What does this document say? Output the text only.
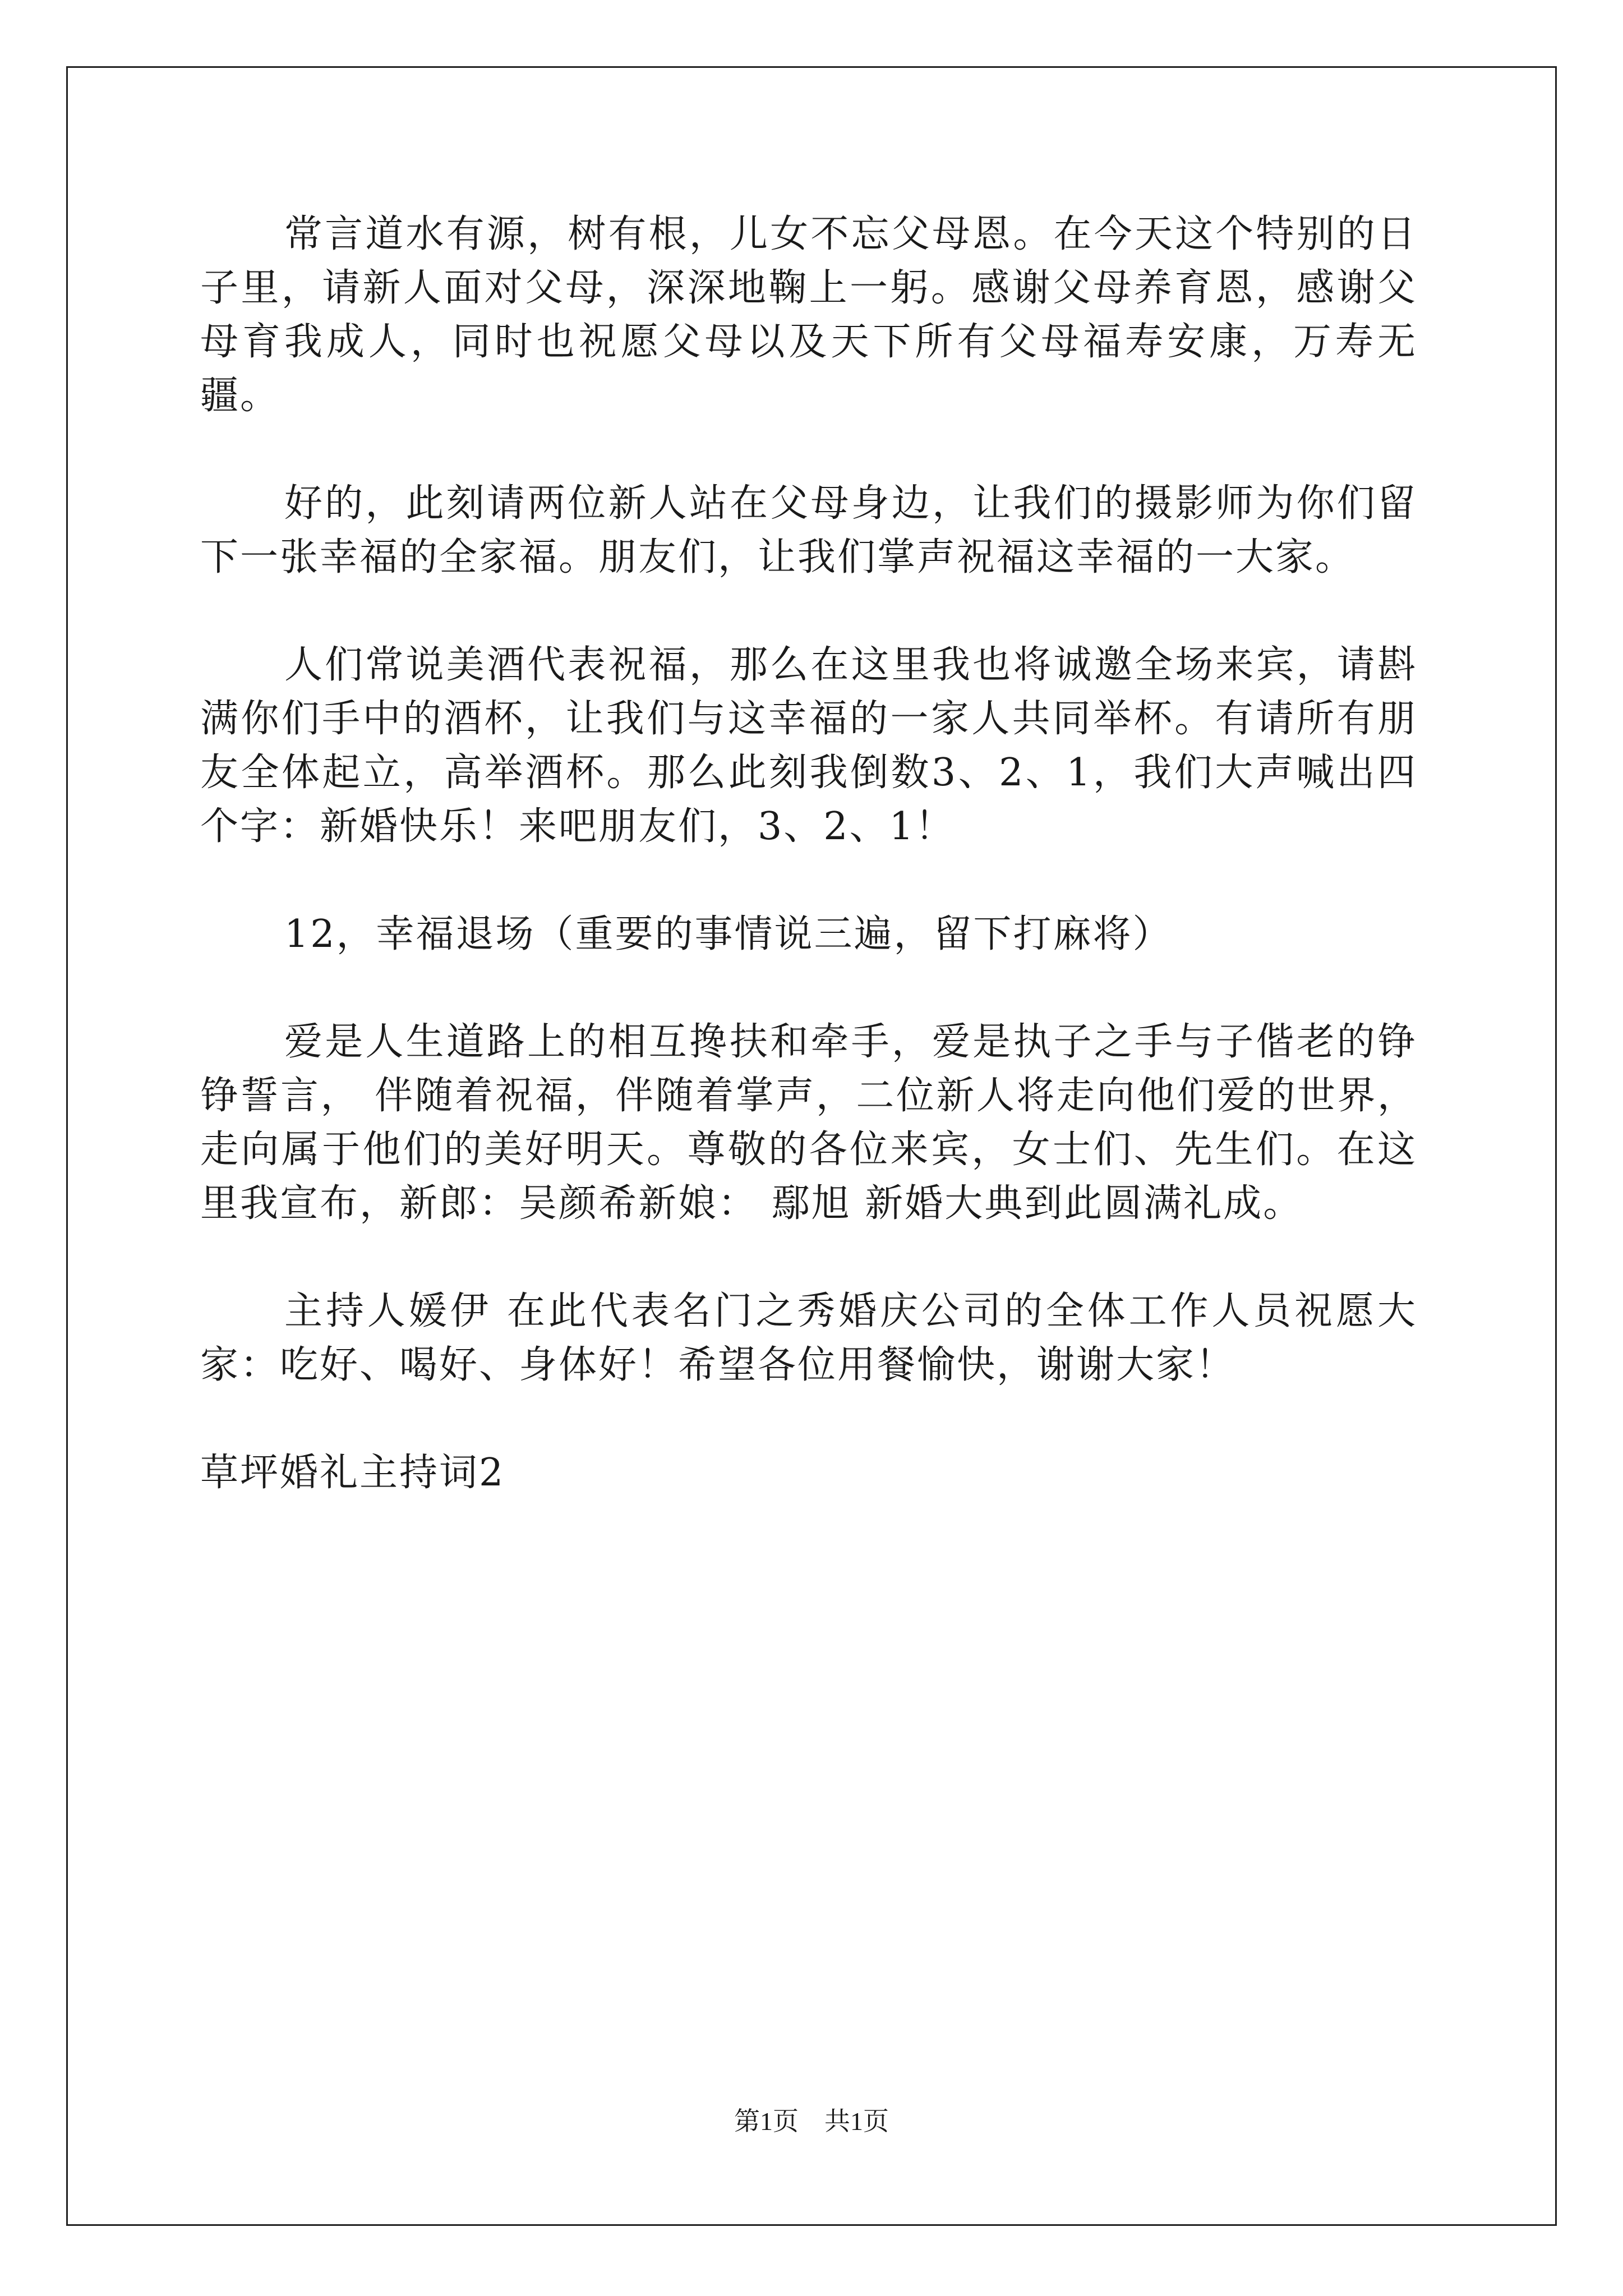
常言道水有源，树有根，儿女不忘父母恩。在今天这个特别的日子里，请新人面对父母，深深地鞠上一躬。感谢父母养育恩，感谢父母育我成人，同时也祝愿父母以及天下所有父母福寿安康，万寿无疆。

好的，此刻请两位新人站在父母身边，让我们的摄影师为你们留下一张幸福的全家福。朋友们，让我们掌声祝福这幸福的一大家。

人们常说美酒代表祝福，那么在这里我也将诚邀全场来宾，请斟满你们手中的酒杯，让我们与这幸福的一家人共同举杯。有请所有朋友全体起立，高举酒杯。那么此刻我倒数3、2、1，我们大声喊出四个字：新婚快乐！来吧朋友们，3、2、1！

12，幸福退场（重要的事情说三遍，留下打麻将）

爱是人生道路上的相互搀扶和牵手，爱是执子之手与子偕老的铮铮誓言， 伴随着祝福，伴随着掌声，二位新人将走向他们爱的世界，走向属于他们的美好明天。尊敬的各位来宾，女士们、先生们。在这里我宣布，新郎：吴颜希新娘： 鄢旭 新婚大典到此圆满礼成。

主持人媛伊 在此代表名门之秀婚庆公司的全体工作人员祝愿大家：吃好、喝好、身体好！希望各位用餐愉快，谢谢大家！

草坪婚礼主持词2

第1页　共1页
